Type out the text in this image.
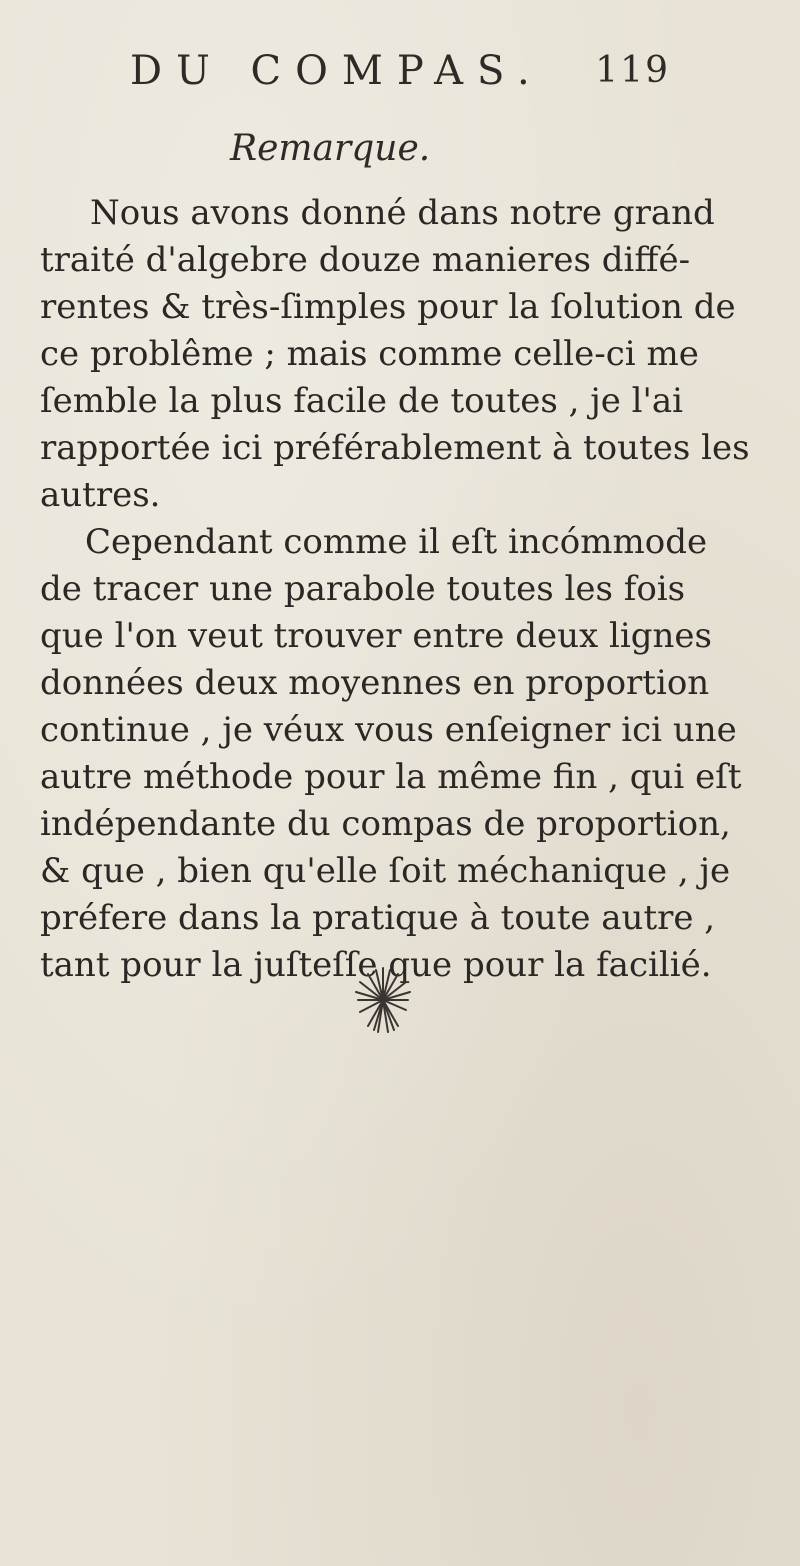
DU COMPAS. 119
Remarque.
Nous avons donné dans notre grand
traité d'algebre douze manieres diffé-
rentes & très-ſimples pour la ſolution de
ce problême ; mais comme celle-ci me
ſemble la plus facile de toutes , je l'ai
rapportée ici préférablement à toutes les
autres.
Cependant comme il eſt incómmode
de tracer une parabole toutes les fois
que l'on veut trouver entre deux lignes
données deux moyennes en proportion
continue , je véux vous enſeigner ici une
autre méthode pour la même fin , qui eſt
indépendante du compas de proportion,
& que , bien qu'elle ſoit méchanique , je
préfere dans la pratique à toute autre ,
tant pour la juſteſſe que pour la facilié.
